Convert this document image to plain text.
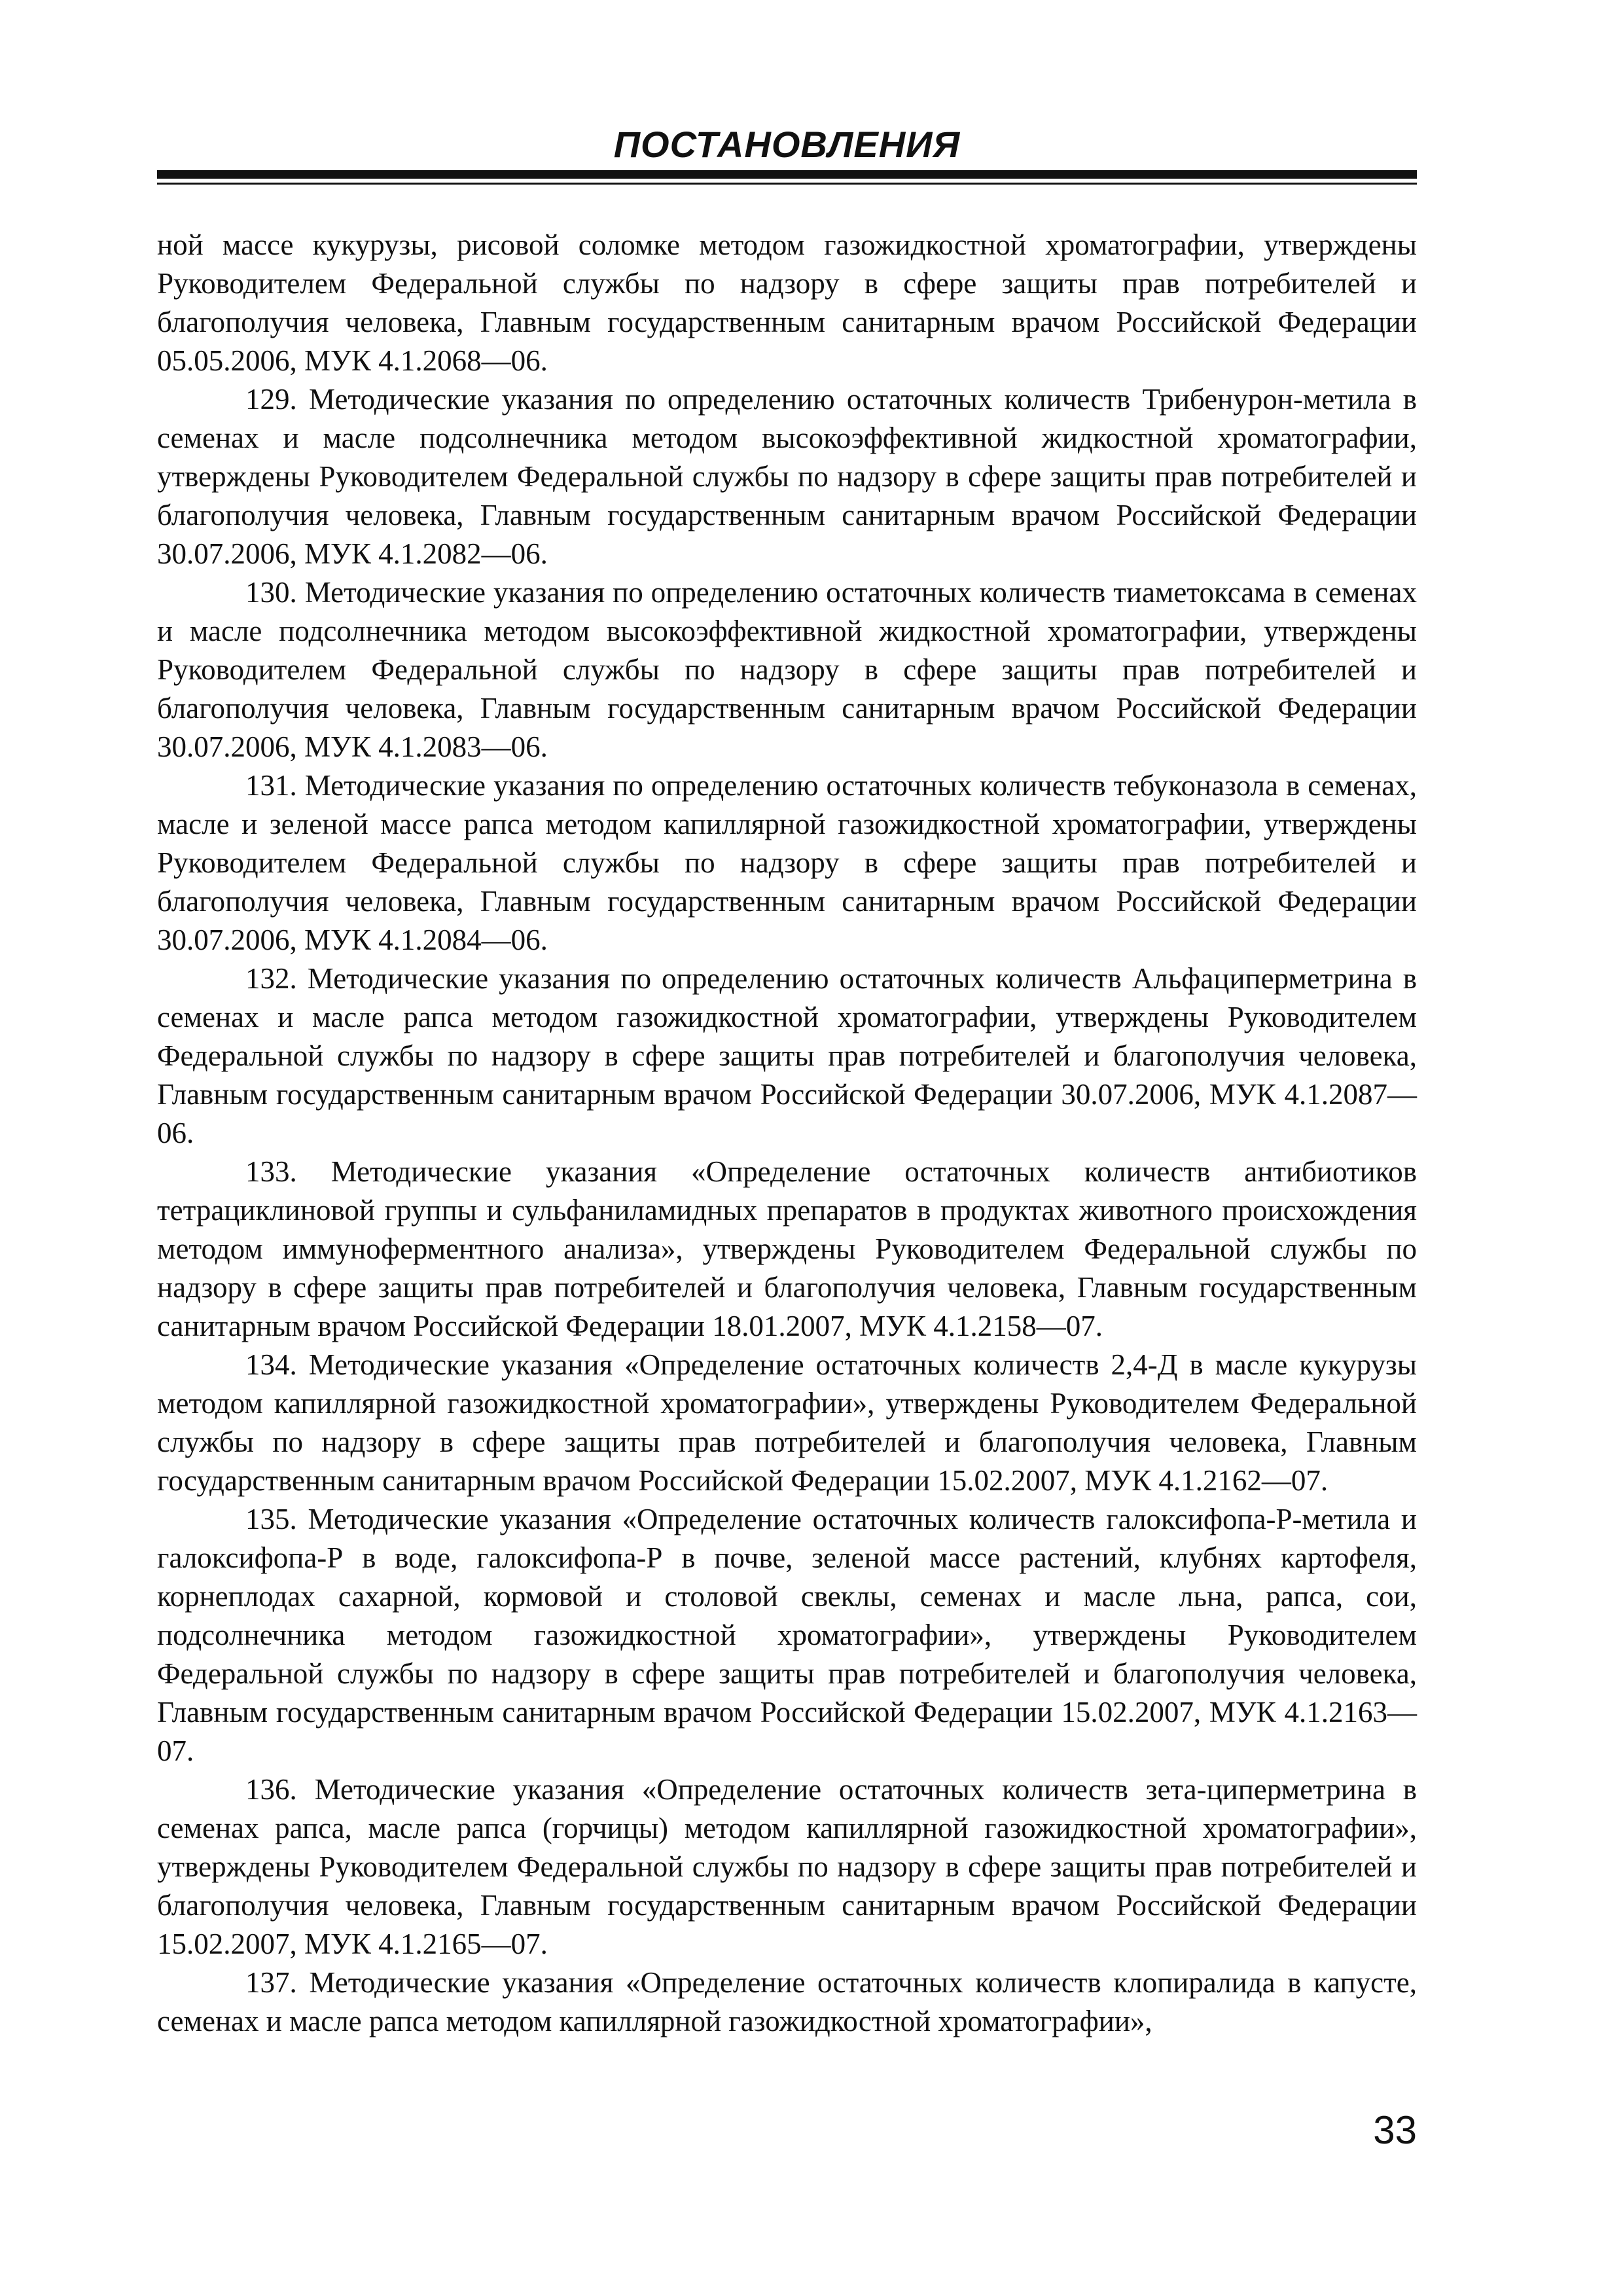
ПОСТАНОВЛЕНИЯ

ной массе кукурузы, рисовой соломке методом газожидкостной хроматографии, утверждены Руководителем Федеральной службы по надзору в сфере защиты прав потребителей и благополучия человека, Главным государственным санитарным врачом Российской Федерации 05.05.2006, МУК 4.1.2068—06.

129. Методические указания по определению остаточных количеств Трибенурон-метила в семенах и масле подсолнечника методом высокоэффективной жидкостной хроматографии, утверждены Руководителем Федеральной службы по надзору в сфере защиты прав потребителей и благополучия человека, Главным государственным санитарным врачом Российской Федерации 30.07.2006, МУК 4.1.2082—06.

130. Методические указания по определению остаточных количеств тиаметоксама в семенах и масле подсолнечника методом высокоэффективной жидкостной хроматографии, утверждены Руководителем Федеральной службы по надзору в сфере защиты прав потребителей и благополучия человека, Главным государственным санитарным врачом Российской Федерации 30.07.2006, МУК 4.1.2083—06.

131. Методические указания по определению остаточных количеств тебуконазола в семенах, масле и зеленой массе рапса методом капиллярной газожидкостной хроматографии, утверждены Руководителем Федеральной службы по надзору в сфере защиты прав потребителей и благополучия человека, Главным государственным санитарным врачом Российской Федерации 30.07.2006, МУК 4.1.2084—06.

132. Методические указания по определению остаточных количеств Альфациперметрина в семенах и масле рапса методом газожидкостной хроматографии, утверждены Руководителем Федеральной службы по надзору в сфере защиты прав потребителей и благополучия человека, Главным государственным санитарным врачом Российской Федерации 30.07.2006, МУК 4.1.2087—06.

133. Методические указания «Определение остаточных количеств антибиотиков тетрациклиновой группы и сульфаниламидных препаратов в продуктах животного происхождения методом иммуноферментного анализа», утверждены Руководителем Федеральной службы по надзору в сфере защиты прав потребителей и благополучия человека, Главным государственным санитарным врачом Российской Федерации 18.01.2007, МУК 4.1.2158—07.

134. Методические указания «Определение остаточных количеств 2,4-Д в масле кукурузы методом капиллярной газожидкостной хроматографии», утверждены Руководителем Федеральной службы по надзору в сфере защиты прав потребителей и благополучия человека, Главным государственным санитарным врачом Российской Федерации 15.02.2007, МУК 4.1.2162—07.

135. Методические указания «Определение остаточных количеств галоксифопа-Р-метила и галоксифопа-Р в воде, галоксифопа-Р в почве, зеленой массе растений, клубнях картофеля, корнеплодах сахарной, кормовой и столовой свеклы, семенах и масле льна, рапса, сои, подсолнечника методом газожидкостной хроматографии», утверждены Руководителем Федеральной службы по надзору в сфере защиты прав потребителей и благополучия человека, Главным государственным санитарным врачом Российской Федерации 15.02.2007, МУК 4.1.2163—07.

136. Методические указания «Определение остаточных количеств зета-циперметрина в семенах рапса, масле рапса (горчицы) методом капиллярной газожидкостной хроматографии», утверждены Руководителем Федеральной службы по надзору в сфере защиты прав потребителей и благополучия человека, Главным государственным санитарным врачом Российской Федерации 15.02.2007, МУК 4.1.2165—07.

137. Методические указания «Определение остаточных количеств клопиралида в капусте, семенах и масле рапса методом капиллярной газожидкостной хроматографии»,

33
